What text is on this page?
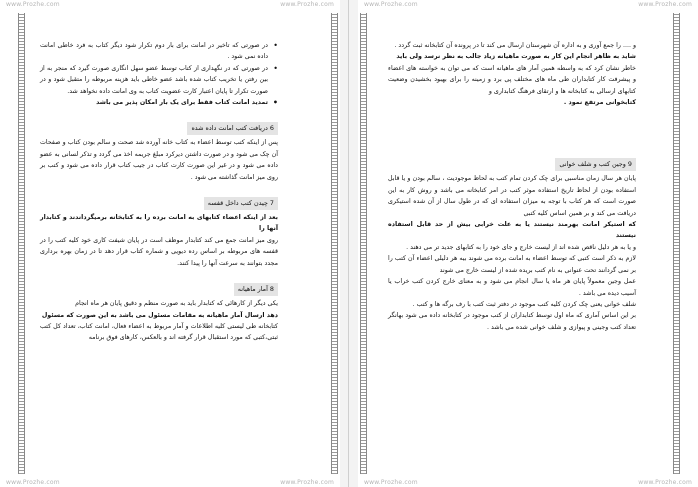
www.Prozhe.com	www.Prozhe.com
www.Prozhe.com	www.Prozhe.com
• در صورتی که تاخیر در امانت برای بار دوم تکرار شود دیگر کتاب به فرد خاطی امانت داده نمی شود .
• در صورتی که در نگهداری از کتاب توسط عضو سهل انگاری صورت گیرد که منجر به از بین رفتن یا تخریب کتاب شده باشد عضو خاطی باید هزینه مربوطه را متقبل شود و در صورت تکرار تا پایان اعتبار کارت عضویت کتاب به وی امانت داده نخواهد شد.
• تمدید امانت کتاب فقط برای یک بار امکان پذیر می باشد
6 دریافت کتب امانت داده شده

پس از اینکه کتب توسط اعضاء به کتاب خانه آورده شد صحت و سالم بودن کتاب و صفحات آن چک می شود و در صورت داشتن دیرکرد مبلغ جریمه اخذ می گردد و تذکر لسانی به عضو داده می شود و در غیر این صورت کارت کتاب در جیب کتاب قرار داده می شود و کتب بر روی میز امانت گذاشته می شود .

7 چیدن کتب داخل قفسه

بعد از اینکه اعضاء کتابهای به امانت برده را به کتابخانه برمیگرداندند و کتابدار آنها را

روی میز امانت جمع می کند کتابدار موظف است در پایان شیفت کاری خود کلیه کتب را در قفسه های مربوطه بر اساس رده دیویی و شماره کتاب قرار دهد تا در زمان بهره برداری مجدد بتوانند به سرعت آنها را پیدا کنند.

8 آمار ماهیانه

یکی دیگر از کارهائی که کتابدار باید به صورت منظم و دقیق پایان هر ماه انجام

دهد ارسال آمار ماهیانه به مقامات مسئول می باشد به این صورت که مسئول

کتابخانه طی لیستی کلیه اطلاعات و آمار مربوط به اعضاء فعال، امانت کتاب، تعداد کل کتب ثبتی،کتبی که مورد استقبال قرار گرفته اند و بالعکس، کارهای فوق برنامه

www.Prozhe.com	www.Prozhe.com
www.Prozhe.com	www.Prozhe.com

و .... را جمع آوری و به اداره آن شهرستان ارسال می کند تا در پرونده آن کتابخانه ثبت گردد .

شاید به ظاهر انجام این کار به صورت ماهیانه زیاد جالب به نظر نرسد ولی باید

خاطر نشان کرد که به واسطه همین آمار های ماهیانه است که می توان به خواسته های اعضاء و پیشرفت کار کتابداران طی ماه های مختلف پی برد و زمینه را برای بهبود بخشیدن وضعیت کتابهای ارسالی به کتابخانه ها و ارتقای فرهنگ کتابداری و

کتابخوانی مرتفع نمود .

9 وجین کتب و شلف خوانی

پایان هر سال زمان مناسبی برای چک کردن تمام کتب به لحاظ موجودیت ، سالم بودن و یا قابل استفاده بودن از لحاظ تاریخ استفاده موثر کتب در امر کتابخانه می باشد و روش کار به این صورت است که هر کتاب با توجه به میزان استفاده ای که در طول سال از آن شده استیکری دریافت می کند و بر همین اساس کلیه کتبی

که استیکر امانت بهرمند نیستند یا به علت خرابی بیش از حد قابل استفاده نیستند

و یا به هر دلیل ناقص شده اند از لیست خارج و جای خود را به کتابهای جدید تر می دهند .

لازم به ذکر است کتبی که توسط اعضاء به امانت برده می شوند بیه هر دلیلی اعضاء آن کتب را بر نمی گردانند تحت عنوانی به نام کتب بریده شده از لیست خارج می شوند

عمل وجین معمولاً پایان هر ماه یا سال انجام می شود و به معنای خارج کردن کتب خراب یا آسیب دیده می باشد .

شلف خوانی یعنی چک کردن کلیه کتب موجود در دفتر ثبت کتب با رف برگه ها و کتب .

بر این اساس آماری که ماه اول توسط کتابداران از کتب موجود در کتابخانه داده می شود بهانگر تعداد کتب وجینی و پیوازی و شلف خوانی شده می باشد .
